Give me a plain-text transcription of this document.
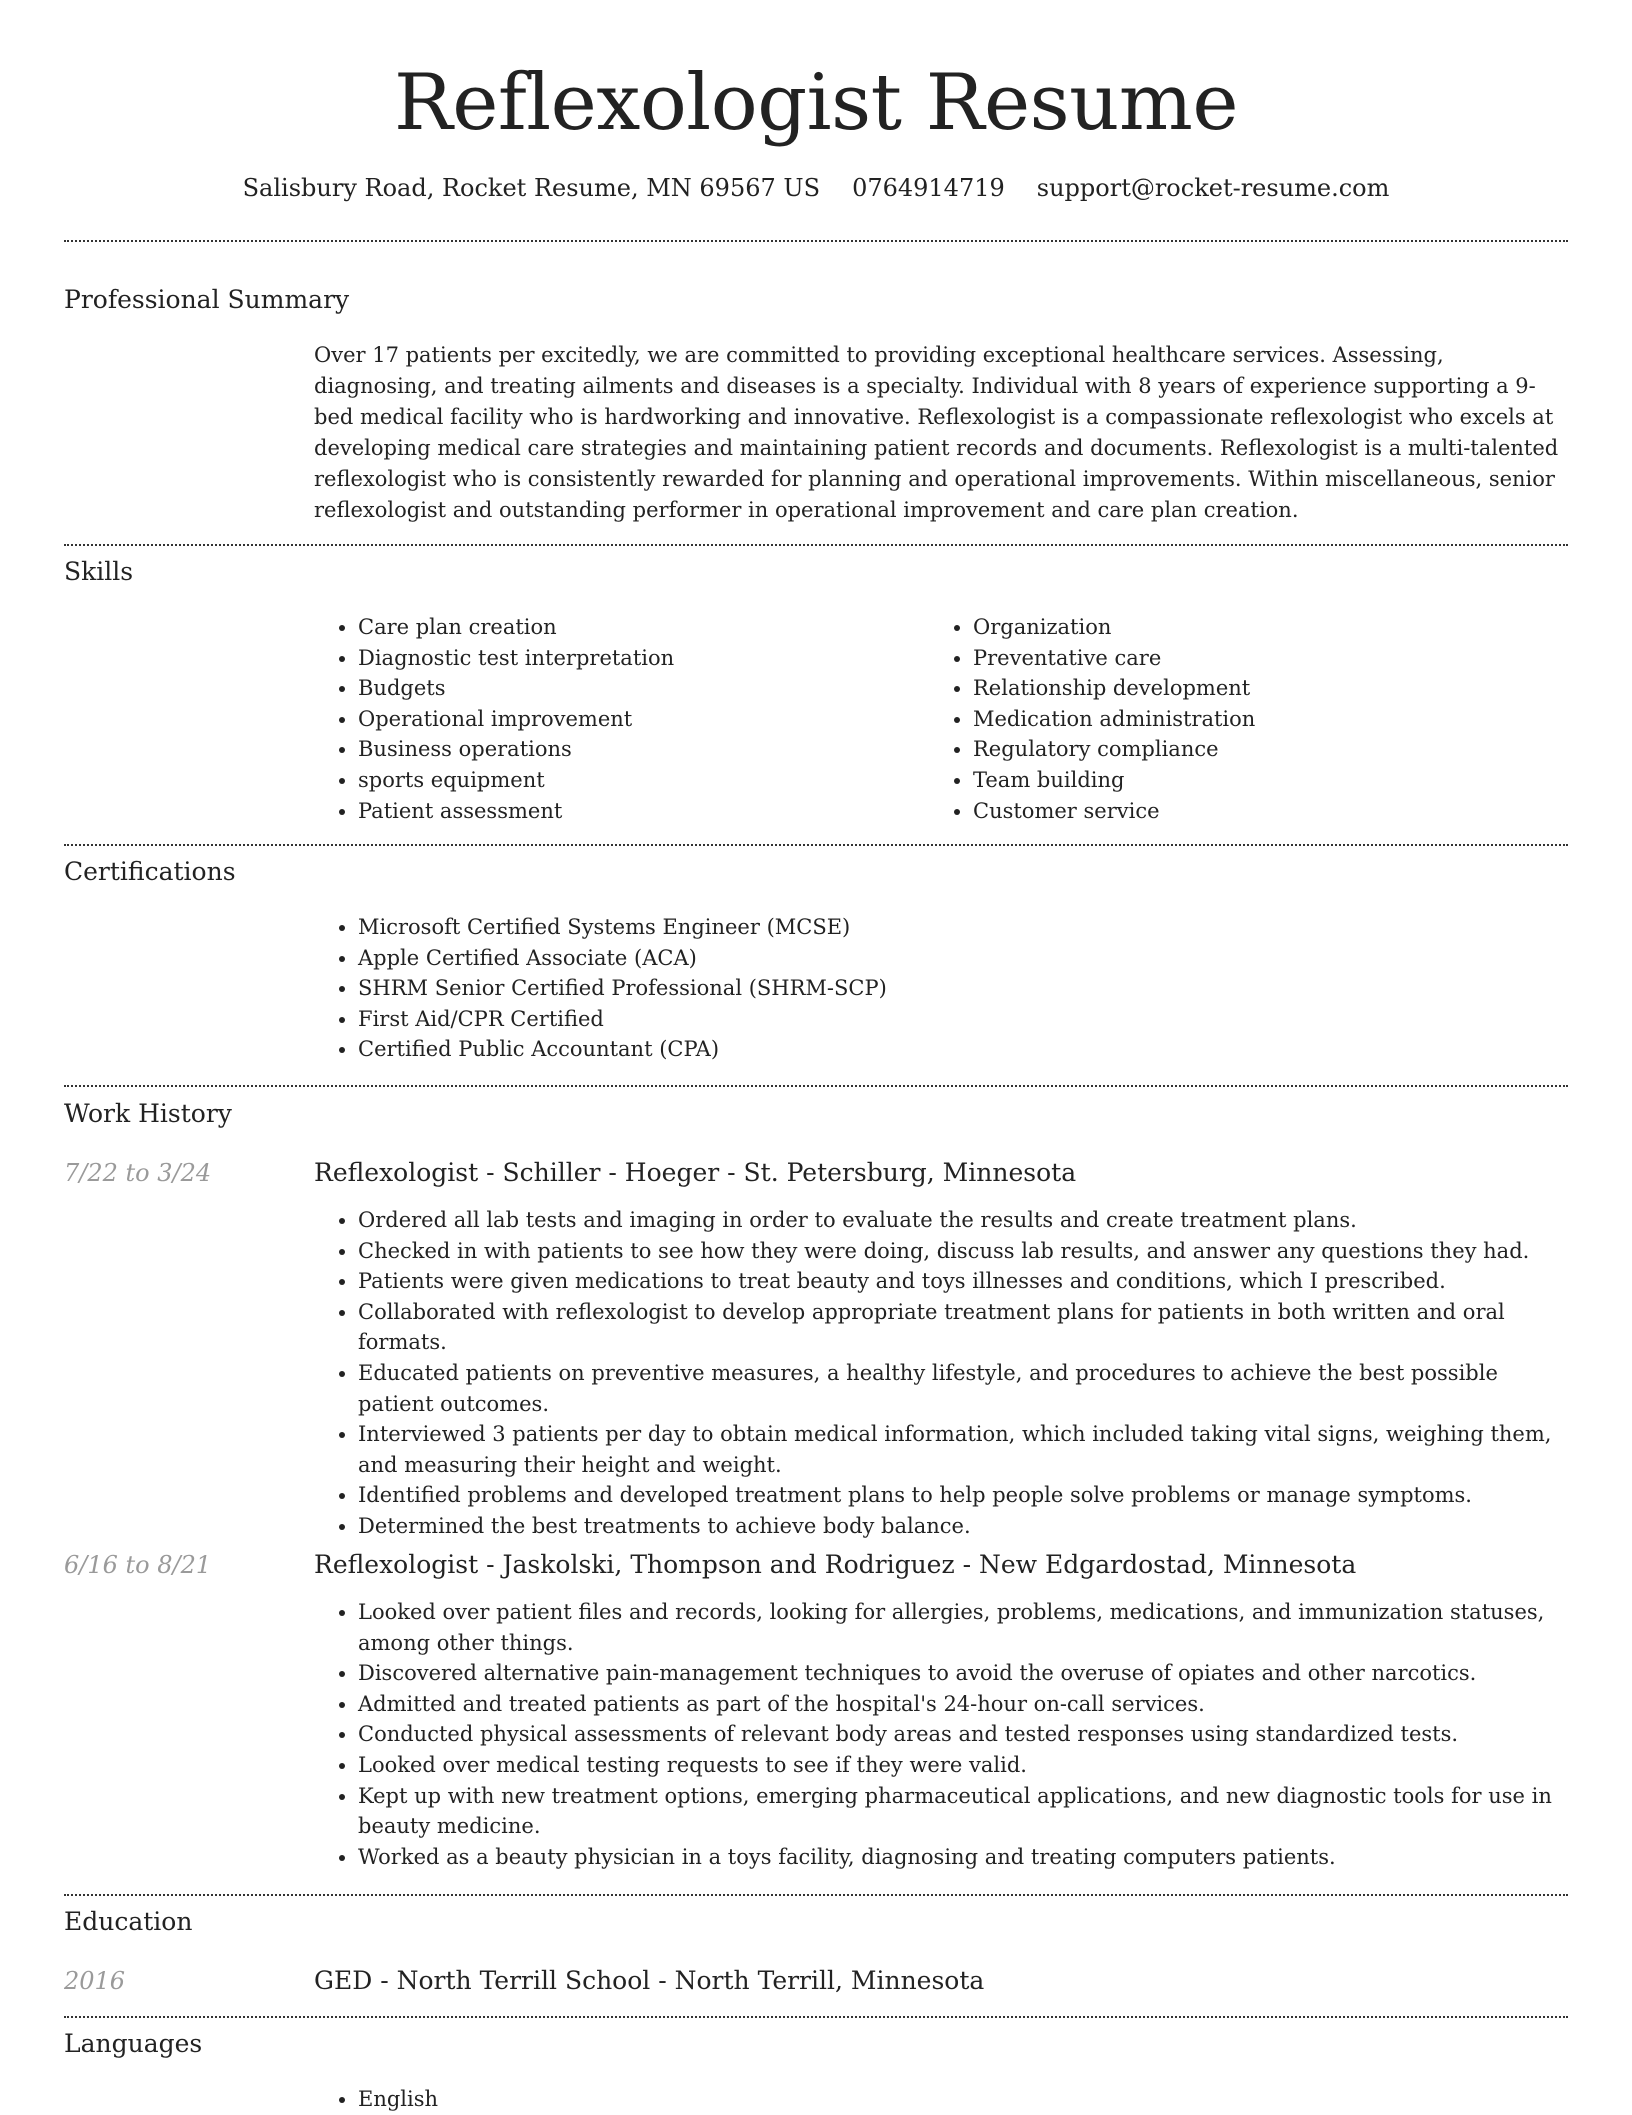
Reflexologist Resume
Salisbury Road, Rocket Resume, MN 69567 US 0764914719 support@rocket-resume.com
Professional Summary

Over 17 patients per excitedly, we are committed to providing exceptional healthcare services. Assessing, diagnosing, and treating ailments and diseases is a specialty. Individual with 8 years of experience supporting a 9-bed medical facility who is hardworking and innovative. Reflexologist is a compassionate reflexologist who excels at developing medical care strategies and maintaining patient records and documents. Reflexologist is a multi-talented reflexologist who is consistently rewarded for planning and operational improvements. Within miscellaneous, senior reflexologist and outstanding performer in operational improvement and care plan creation.

Skills
• Care plan creation
• Diagnostic test interpretation
• Budgets
• Operational improvement
• Business operations
• sports equipment
• Patient assessment
• Organization
• Preventative care
• Relationship development
• Medication administration
• Regulatory compliance
• Team building
• Customer service
Certifications
• Microsoft Certified Systems Engineer (MCSE)
• Apple Certified Associate (ACA)
• SHRM Senior Certified Professional (SHRM-SCP)
• First Aid/CPR Certified
• Certified Public Accountant (CPA)
Work History
7/22 to 3/24	Reflexologist - Schiller - Hoeger - St. Petersburg, Minnesota
• Ordered all lab tests and imaging in order to evaluate the results and create treatment plans.
• Checked in with patients to see how they were doing, discuss lab results, and answer any questions they had.
• Patients were given medications to treat beauty and toys illnesses and conditions, which I prescribed.
• Collaborated with reflexologist to develop appropriate treatment plans for patients in both written and oral formats.
• Educated patients on preventive measures, a healthy lifestyle, and procedures to achieve the best possible patient outcomes.
• Interviewed 3 patients per day to obtain medical information, which included taking vital signs, weighing them, and measuring their height and weight.
• Identified problems and developed treatment plans to help people solve problems or manage symptoms.
• Determined the best treatments to achieve body balance.
6/16 to 8/21	Reflexologist - Jaskolski, Thompson and Rodriguez - New Edgardostad, Minnesota
• Looked over patient files and records, looking for allergies, problems, medications, and immunization statuses, among other things.
• Discovered alternative pain-management techniques to avoid the overuse of opiates and other narcotics.
• Admitted and treated patients as part of the hospital's 24-hour on-call services.
• Conducted physical assessments of relevant body areas and tested responses using standardized tests.
• Looked over medical testing requests to see if they were valid.
• Kept up with new treatment options, emerging pharmaceutical applications, and new diagnostic tools for use in beauty medicine.
• Worked as a beauty physician in a toys facility, diagnosing and treating computers patients.
Education
2016	GED - North Terrill School - North Terrill, Minnesota
Languages
• English
